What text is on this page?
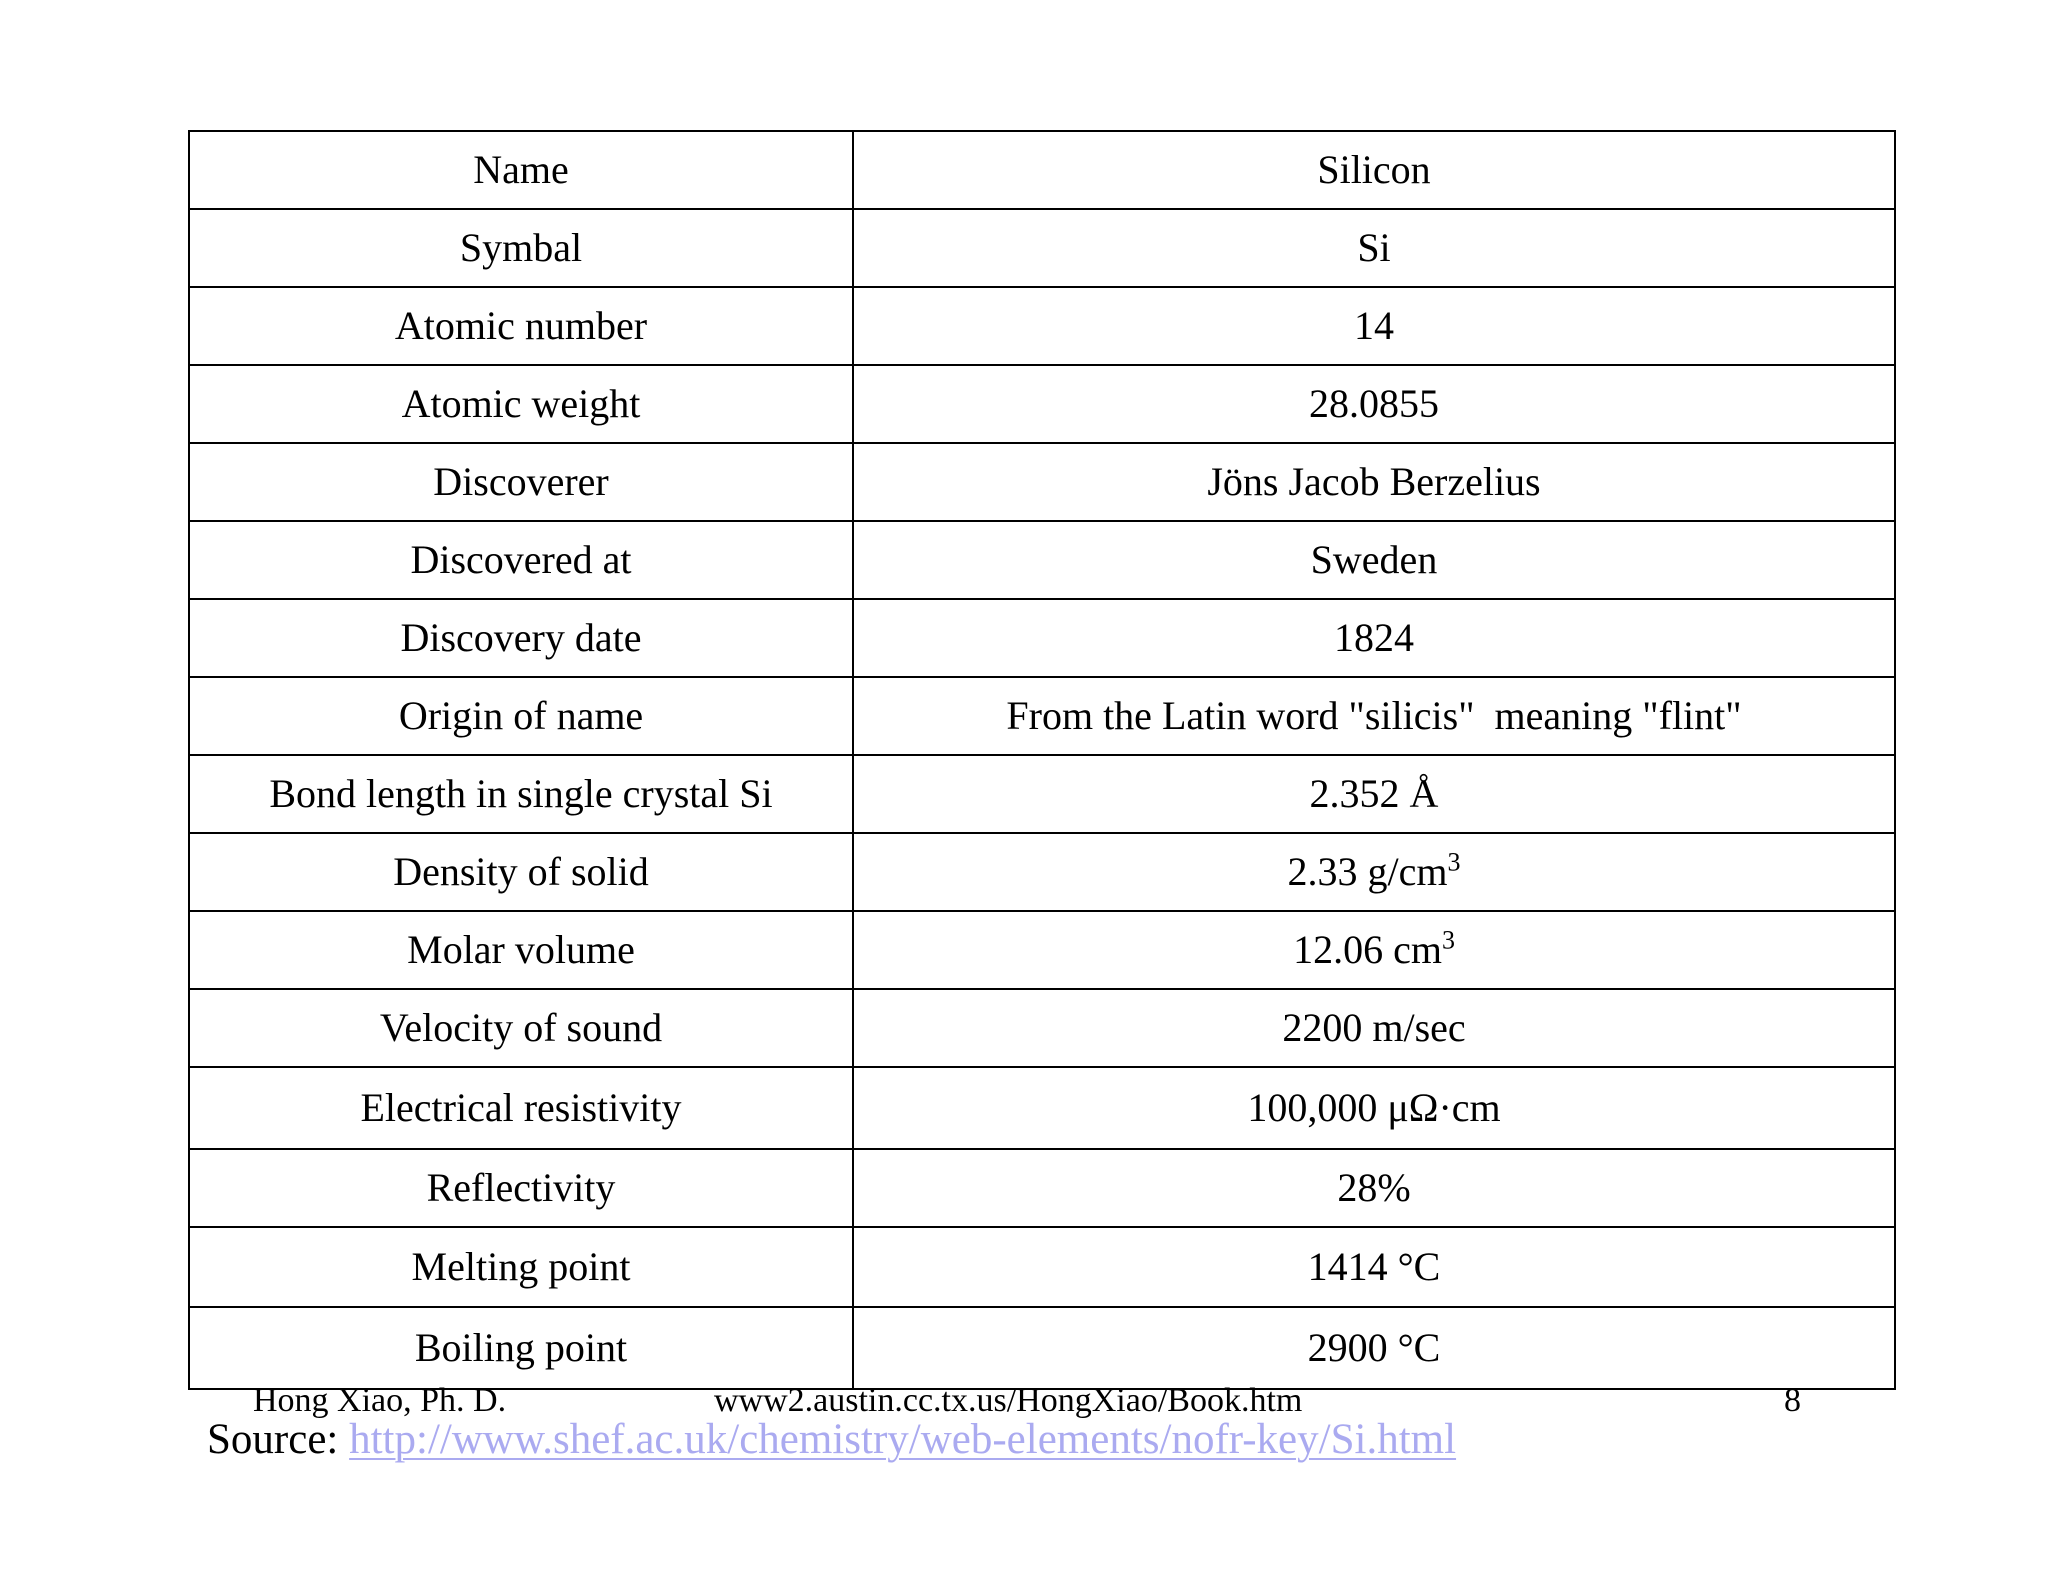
Name	Silicon
Symbal	Si
Atomic number	14
Atomic weight	28.0855
Discoverer	Jöns Jacob Berzelius
Discovered at	Sweden
Discovery date	1824
Origin of name	From the Latin word "silicis"  meaning "flint"
Bond length in single crystal Si	2.352 Å
Density of solid	2.33 $g/cm^3$
Molar volume	12.06 $cm^3$
Velocity of sound	2200 m/sec
Electrical resistivity	100,000 μΩ·cm
Reflectivity	28%
Melting point	1414 °C
Boiling point	2900 °C
Hong Xiao, Ph. D.	www2.austin.cc.tx.us/HongXiao/Book.htm	8
Source: http://www.shef.ac.uk/chemistry/web-elements/nofr-key/Si.html
